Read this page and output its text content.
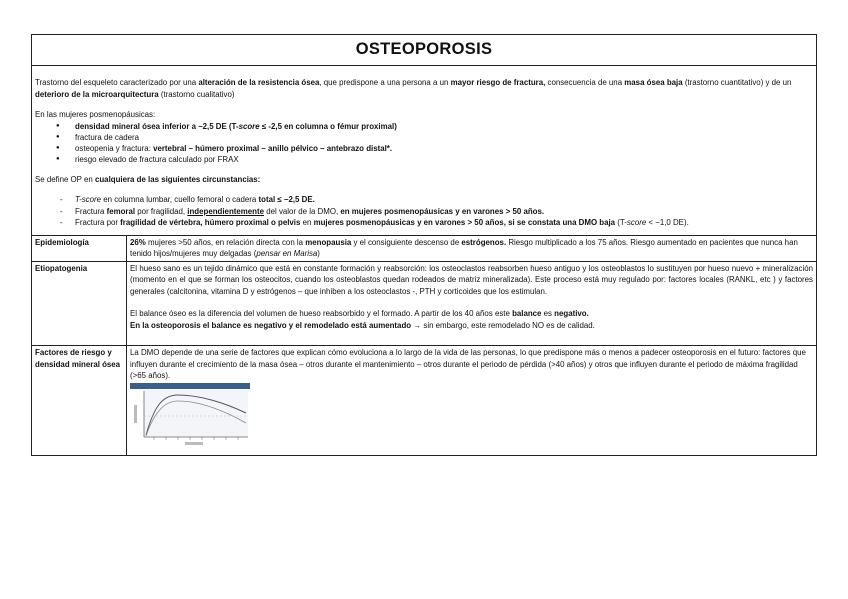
OSTEOPOROSIS

Trastorno del esqueleto caracterizado por una alteración de la resistencia ósea, que predispone a una persona a un mayor riesgo de fractura, consecuencia de una masa ósea baja (trastorno cuantitativo) y de un deterioro de la microarquitectura (trastorno cualitativo)

En las mujeres posmenopáusicas:
● densidad mineral ósea inferior a –2,5 DE (T-score ≤ -2,5 en columna o fémur proximal)
● fractura de cadera
● osteopenia y fractura: vertebral – húmero proximal – anillo pélvico – antebrazo distal*.
● riesgo elevado de fractura calculado por FRAX
Se define OP en cualquiera de las siguientes circunstancias:
- T-score en columna lumbar, cuello femoral o cadera total ≤ −2,5 DE.
- Fractura femoral por fragilidad, independientemente del valor de la DMO, en mujeres posmenopáusicas y en varones > 50 años.
- Fractura por fragilidad de vértebra, húmero proximal o pelvis en mujeres posmenopáusicas y en varones > 50 años, si se constata una DMO baja (T-score < −1,0 DE).
Epidemiología	26% mujeres >50 años, en relación directa con la menopausia y el consiguiente descenso de estrógenos. Riesgo multiplicado a los 75 años. Riesgo aumentado en pacientes que nunca han tenido hijos/mujeres muy delgadas (pensar en Marisa)
Etiopatogenia	El hueso sano es un tejido dinámico que está en constante formación y reabsorción: los osteoclastos reabsorben hueso antiguo y los osteoblastos lo sustituyen por hueso nuevo + mineralización (momento en el que se forman los osteocitos, cuando los osteoblastos quedan rodeados de matriz mineralizada). Este proceso está muy regulado por: factores locales (RANKL, etc ) y factores generales (calcitonina, vitamina D y estrógenos – que inhiben a los osteoclastos -, PTH y corticoides que los estimulan.

El balance óseo es la diferencia del volumen de hueso reabsorbido y el formado. A partir de los 40 años este balance es negativo.

En la osteoporosis el balance es negativo y el remodelado está aumentado → sin embargo, este remodelado NO es de calidad.

Factores de riesgo y densidad mineral ósea	La DMO depende de una serie de factores que explican cómo evoluciona a lo largo de la vida de las personas, lo que predispone más o menos a padecer osteoporosis en el futuro: factores que influyen durante el crecimiento de la masa ósea – otros durante el mantenimiento – otros durante el periodo de pérdida (>40 años) y otros que influyen durante el periodo de máxima fragilidad (>65 años).
